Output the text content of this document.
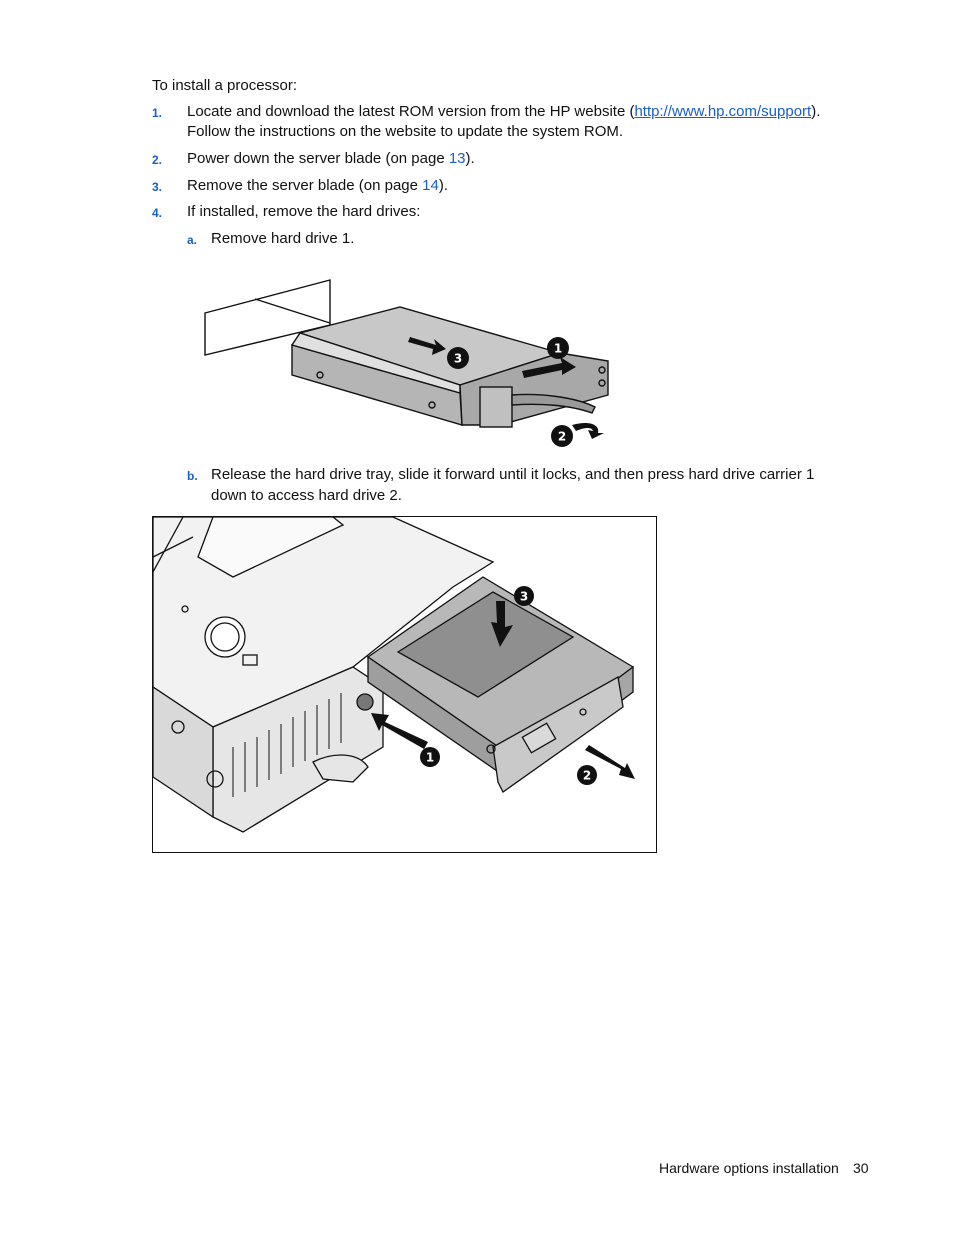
To install a processor:
1. Locate and download the latest ROM version from the HP website (http://www.hp.com/support).
Follow the instructions on the website to update the system ROM.
2. Power down the server blade (on page 13).
3. Remove the server blade (on page 14).
4. If installed, remove the hard drives:
a. Remove hard drive 1.
3
1
2
b. Release the hard drive tray, slide it forward until it locks, and then press hard drive carrier 1
down to access hard drive 2.
1
2
3
Hardware options installation 30
